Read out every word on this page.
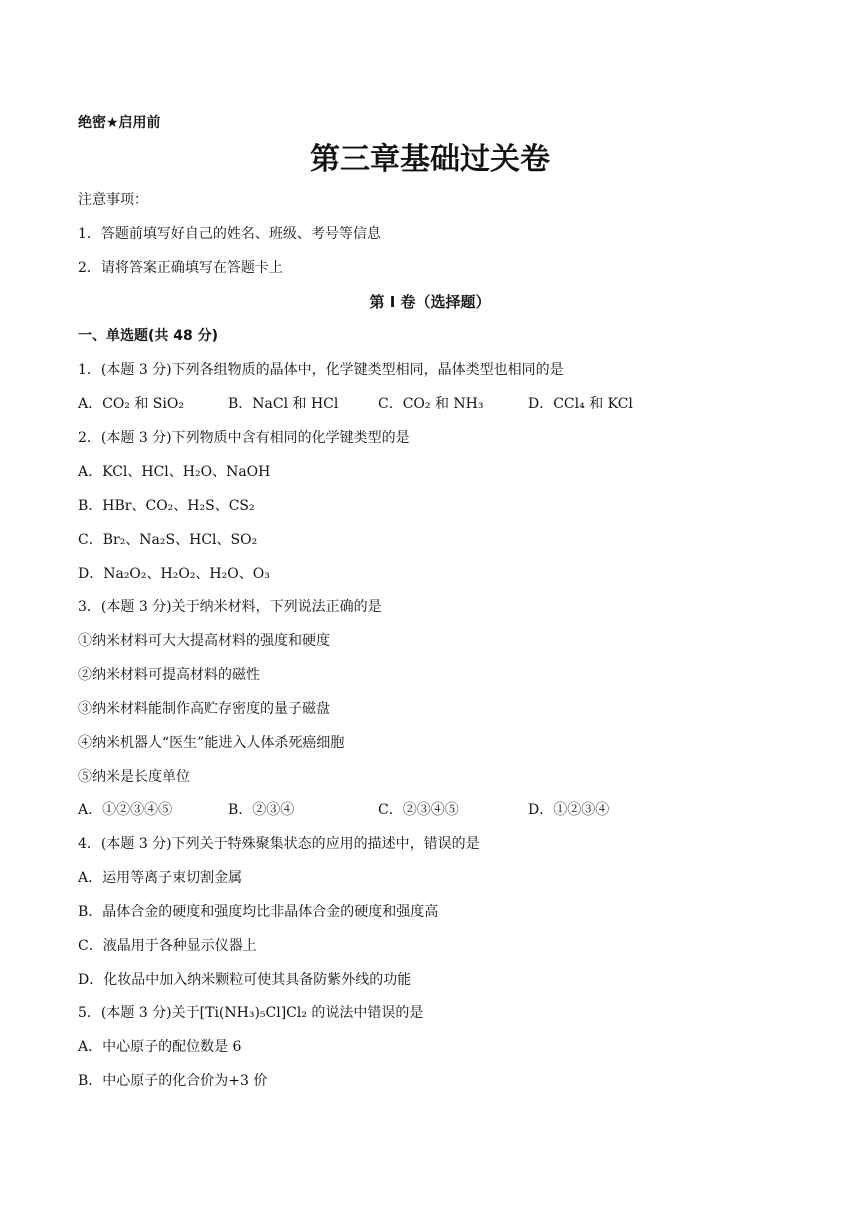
绝密★启用前
第三章基础过关卷
注意事项：
1．答题前填写好自己的姓名、班级、考号等信息
2．请将答案正确填写在答题卡上
第 I 卷（选择题）
一、单选题(共 48 分)
1．(本题 3 分)下列各组物质的晶体中，化学键类型相同，晶体类型也相同的是
A．CO₂ 和 SiO₂	B．NaCl 和 HCl	C．CO₂ 和 NH₃	D．CCl₄ 和 KCl
2．(本题 3 分)下列物质中含有相同的化学键类型的是
A．KCl、HCl、H₂O、NaOH
B．HBr、CO₂、H₂S、CS₂
C．Br₂、Na₂S、HCl、SO₂
D．Na₂O₂、H₂O₂、H₂O、O₃
3．(本题 3 分)关于纳米材料，下列说法正确的是
①纳米材料可大大提高材料的强度和硬度
②纳米材料可提高材料的磁性
③纳米材料能制作高贮存密度的量子磁盘
④纳米机器人“医生”能进入人体杀死癌细胞
⑤纳米是长度单位
A．①②③④⑤	B．②③④	C．②③④⑤	D．①②③④
4．(本题 3 分)下列关于特殊聚集状态的应用的描述中，错误的是
A．运用等离子束切割金属
B．晶体合金的硬度和强度均比非晶体合金的硬度和强度高
C．液晶用于各种显示仪器上
D．化妆品中加入纳米颗粒可使其具备防紫外线的功能
5．(本题 3 分)关于[Ti(NH₃)₅Cl]Cl₂ 的说法中错误的是
A．中心原子的配位数是 6
B．中心原子的化合价为+3 价
